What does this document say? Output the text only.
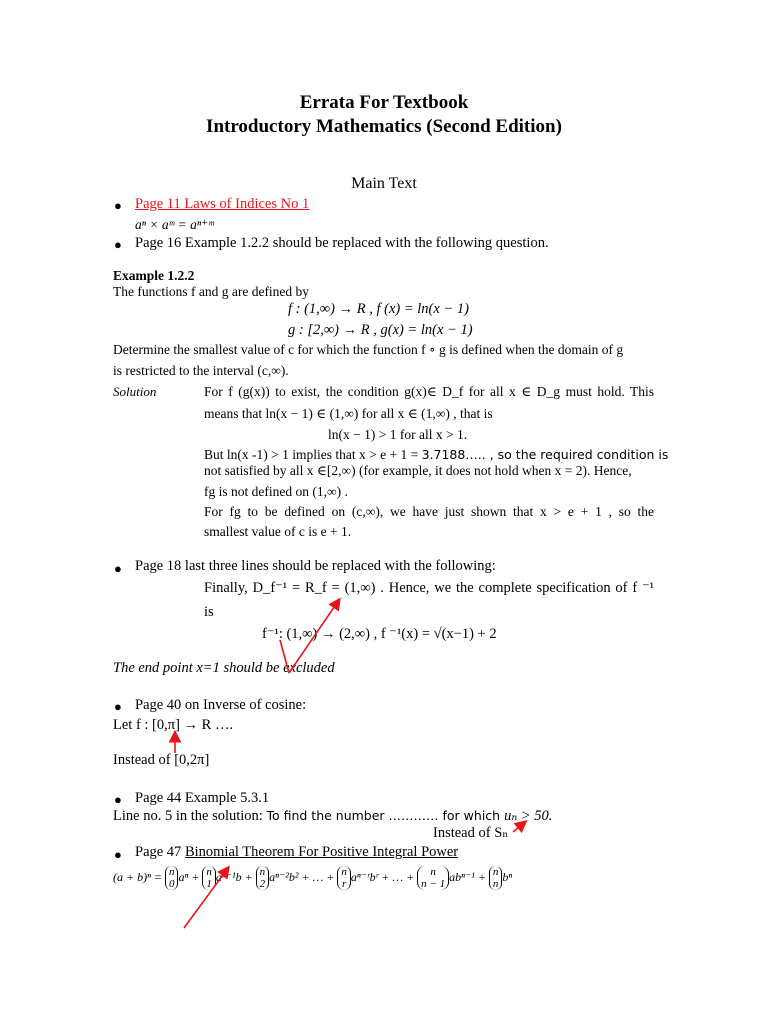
Errata For Textbook
Introductory Mathematics (Second Edition)
Main Text
● Page 11 Laws of Indices No 1
aⁿ × aᵐ = aⁿ⁺ᵐ
● Page 16 Example 1.2.2 should be replaced with the following question.
Example 1.2.2
The functions f and g are defined by
f : (1,∞) → R , f (x) = ln(x − 1)
g : [2,∞) → R , g(x) = ln(x − 1)
Determine the smallest value of c for which the function f ∘ g is defined when the domain of g
is restricted to the interval (c,∞).
Solution	For f (g(x)) to exist, the condition g(x)∈ D_f for all x ∈ D_g must hold. This
means that ln(x − 1) ∈ (1,∞) for all x ∈ (1,∞) , that is
ln(x − 1) > 1 for all x > 1.
But ln(x -1) > 1 implies that x > e + 1 = 3.7188….. , so the required condition is
not satisfied by all x ∈[2,∞) (for example, it does not hold when x = 2). Hence,
fg is not defined on (1,∞) .
For fg to be defined on (c,∞), we have just shown that x > e + 1 , so the
smallest value of c is e + 1.
● Page 18 last three lines should be replaced with the following:
Finally, D_f⁻¹ = R_f = (1,∞) . Hence, we the complete specification of f ⁻¹
is
f⁻¹: (1,∞) → (2,∞) , f ⁻¹(x) = √(x−1) + 2
The end point x=1 should be excluded
● Page 40 on Inverse of cosine:
Let f : [0,π] → R ….
Instead of [0,2π]
● Page 44 Example 5.3.1
Line no. 5 in the solution: To find the number ………… for which uₙ > 50.
Instead of Sₙ
● Page 47 Binomial Theorem For Positive Integral Power
(a + b)ⁿ = n
0aⁿ + n
1aⁿ⁻¹b + n
2aⁿ⁻²b² + … + n
raⁿ⁻ʳbʳ + … + n
n − 1abⁿ⁻¹ + n
nbⁿ
